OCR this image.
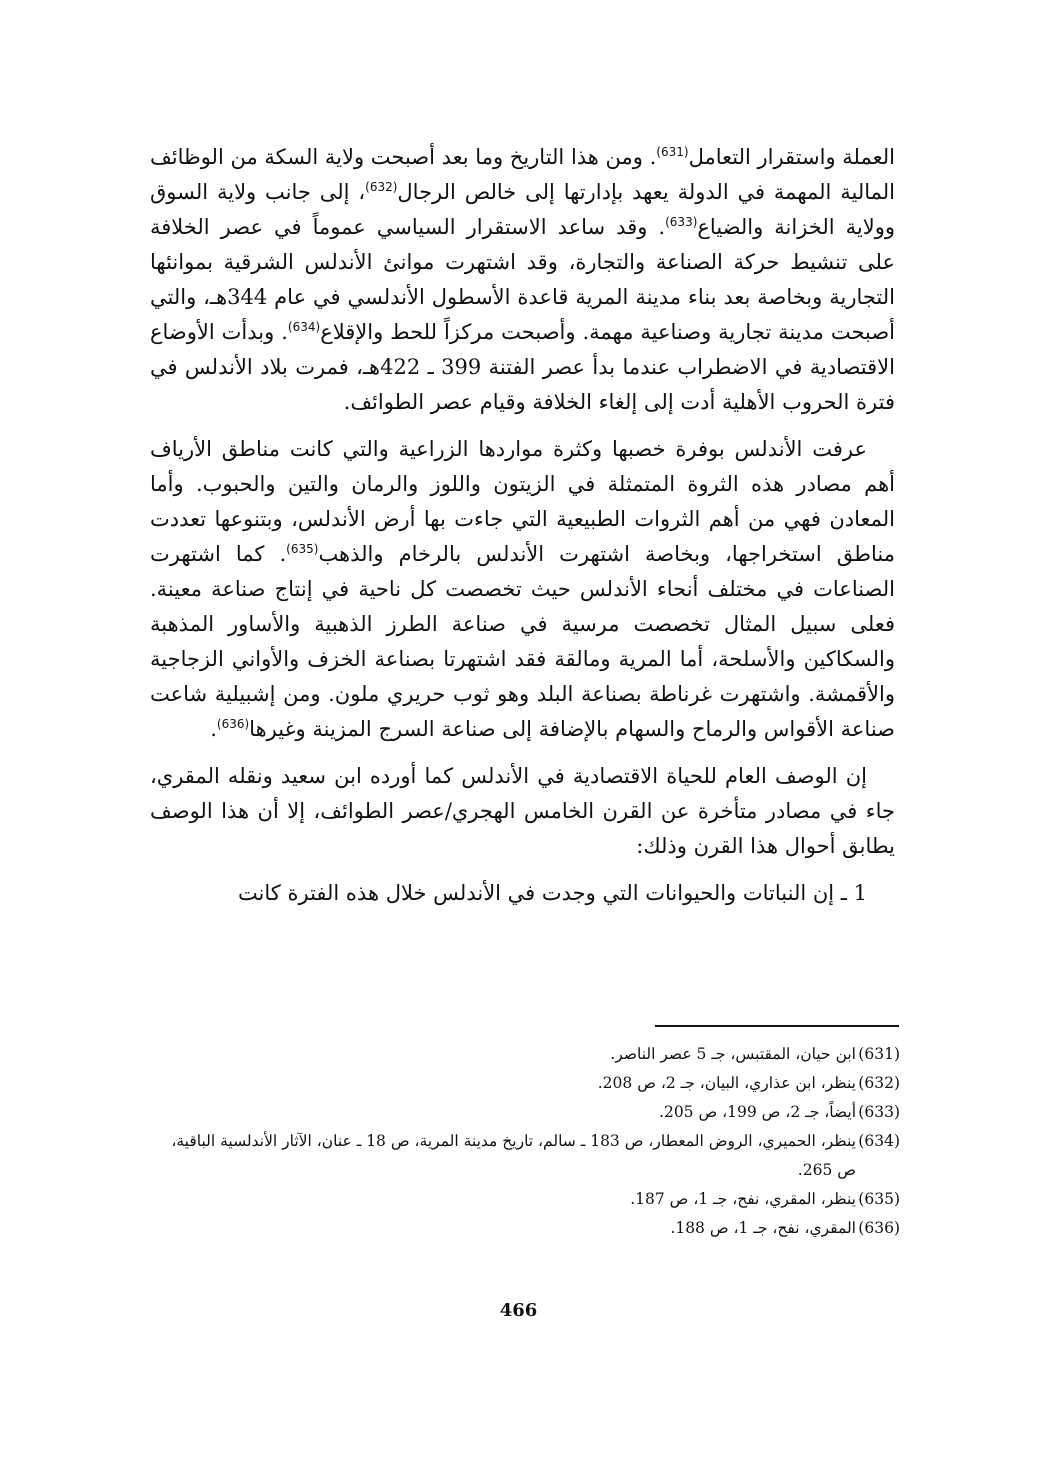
العملة واستقرار التعامل$^{(631)}$. ومن هذا التاريخ وما بعد أصبحت ولاية السكة من الوظائف المالية المهمة في الدولة يعهد بإدارتها إلى خالص الرجال$^{(632)}$، إلى جانب ولاية السوق وولاية الخزانة والضياع$^{(633)}$. وقد ساعد الاستقرار السياسي عموماً في عصر الخلافة على تنشيط حركة الصناعة والتجارة، وقد اشتهرت موانئ الأندلس الشرقية بموانئها التجارية وبخاصة بعد بناء مدينة المرية قاعدة الأسطول الأندلسي في عام 344هـ، والتي أصبحت مدينة تجارية وصناعية مهمة. وأصبحت مركزاً للحط والإقلاع$^{(634)}$. وبدأت الأوضاع الاقتصادية في الاضطراب عندما بدأ عصر الفتنة 399 ـ 422هـ، فمرت بلاد الأندلس في فترة الحروب الأهلية أدت إلى إلغاء الخلافة وقيام عصر الطوائف.

عرفت الأندلس بوفرة خصبها وكثرة مواردها الزراعية والتي كانت مناطق الأرياف أهم مصادر هذه الثروة المتمثلة في الزيتون واللوز والرمان والتين والحبوب. وأما المعادن فهي من أهم الثروات الطبيعية التي جاءت بها أرض الأندلس، وبتنوعها تعددت مناطق استخراجها، وبخاصة اشتهرت الأندلس بالرخام والذهب$^{(635)}$. كما اشتهرت الصناعات في مختلف أنحاء الأندلس حيث تخصصت كل ناحية في إنتاج صناعة معينة. فعلى سبيل المثال تخصصت مرسية في صناعة الطرز الذهبية والأساور المذهبة والسكاكين والأسلحة، أما المرية ومالقة فقد اشتهرتا بصناعة الخزف والأواني الزجاجية والأقمشة. واشتهرت غرناطة بصناعة البلد وهو ثوب حريري ملون. ومن إشبيلية شاعت صناعة الأقواس والرماح والسهام بالإضافة إلى صناعة السرج المزينة وغيرها$^{(636)}$.

إن الوصف العام للحياة الاقتصادية في الأندلس كما أورده ابن سعيد ونقله المقري، جاء في مصادر متأخرة عن القرن الخامس الهجري/عصر الطوائف، إلا أن هذا الوصف يطابق أحوال هذا القرن وذلك:

1 ـ إن النباتات والحيوانات التي وجدت في الأندلس خلال هذه الفترة كانت

(631)
ابن حيان، المقتبس، جـ 5 عصر الناصر.
(632)
ينظر، ابن عذاري، البيان، جـ 2، ص 208.
(633)
أيضاً، جـ 2، ص 199، ص 205.
(634)
ينظر، الحميري، الروض المعطار، ص 183 ـ سالم، تاريخ مدينة المرية، ص 18 ـ عنان، الآثار الأندلسية الباقية، ص 265.
(635)
ينظر، المقري، نفح، جـ 1، ص 187.
(636)
المقري، نفح، جـ 1، ص 188.
466
